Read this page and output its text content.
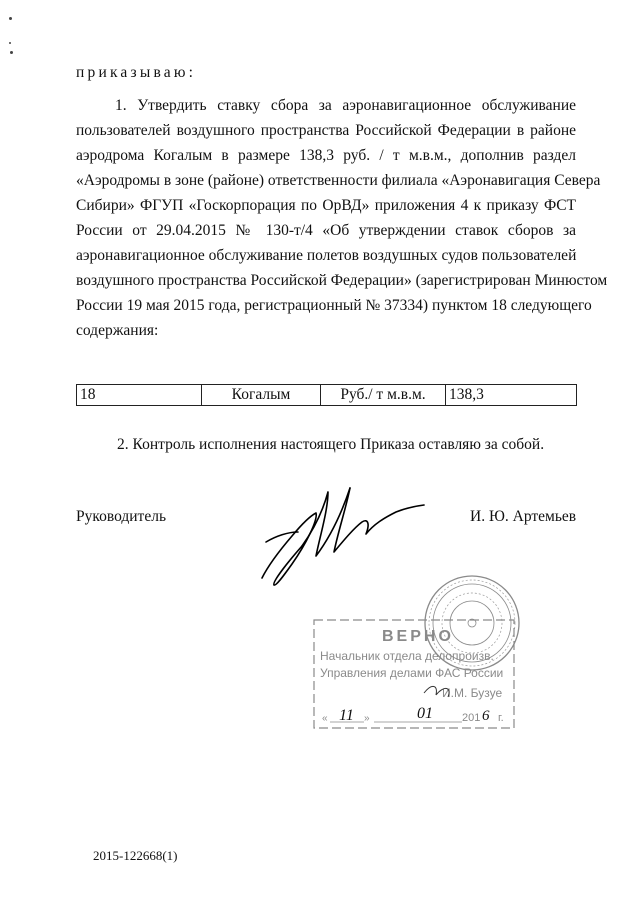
приказываю:
1. Утвердить ставку сбора за аэронавигационное обслуживание
пользователей воздушного пространства Российской Федерации в районе
аэродрома Когалым в размере 138,3 руб. / т м.в.м., дополнив раздел
«Аэродромы в зоне (районе) ответственности филиала «Аэронавигация Севера
Сибири» ФГУП «Госкорпорация по ОрВД» приложения 4 к приказу ФСТ
России от 29.04.2015 № 130-т/4 «Об утверждении ставок сборов за
аэронавигационное обслуживание полетов воздушных судов пользователей
воздушного пространства Российской Федерации» (зарегистрирован Минюстом
России 19 мая 2015 года, регистрационный № 37334) пунктом 18 следующего
содержания:
18	Когалым	Руб./ т м.в.м.	138,3
2. Контроль исполнения настоящего Приказа оставляю за собой.
Руководитель	И. Ю. Артемьев
ВЕРНО
Начальник отдела делопроизв.
Управления делами ФАС России
И.М. Бузуе
« 11 »	01	201 6 г.
2015-122668(1)
